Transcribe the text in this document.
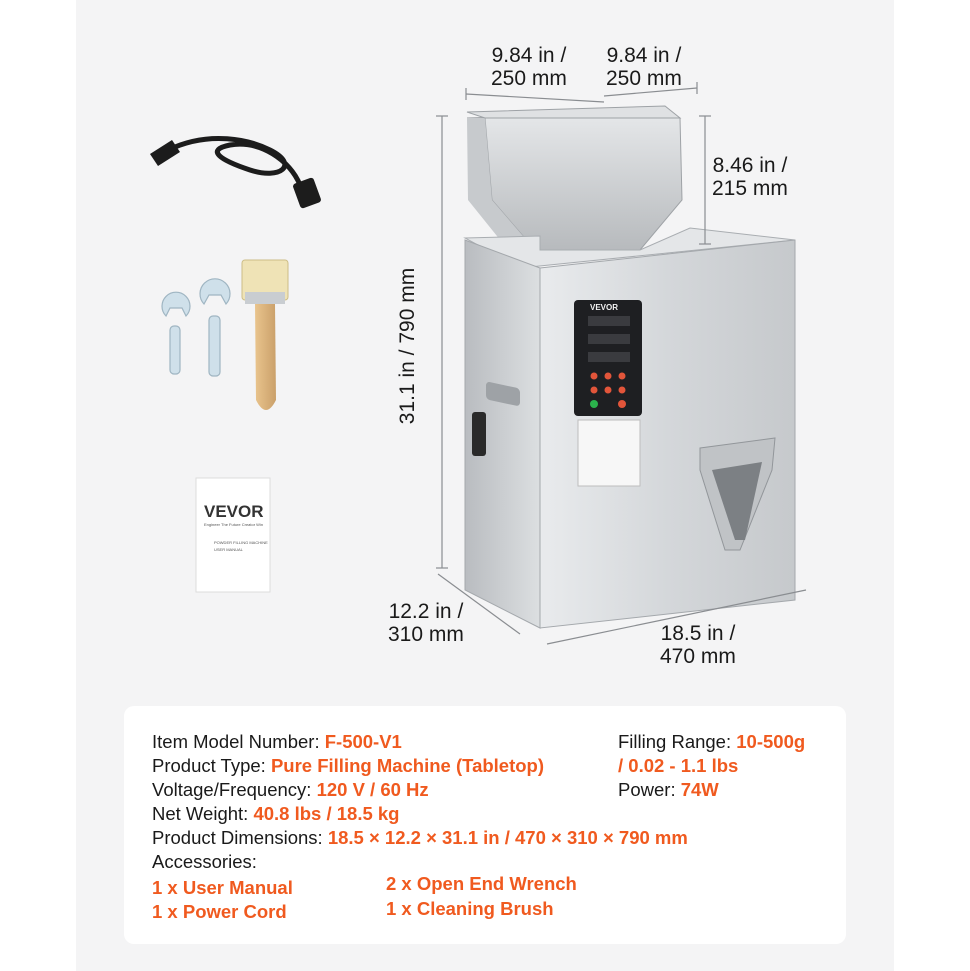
VEVOR
Engineer The Future Creator Win
POWDER FILLING MACHINE
USER MANUAL
VEVOR
9.84 in /
250 mm
9.84 in /
250 mm
8.46 in /
215 mm
31.1 in / 790 mm
12.2 in /
310 mm	18.5 in /
470 mm
Item Model Number: F-500-V1
Product Type: Pure Filling Machine (Tabletop)
Voltage/Frequency: 120 V / 60 Hz
Net Weight: 40.8 lbs / 18.5 kg
Product Dimensions: 18.5 × 12.2 × 31.1 in / 470 × 310 × 790 mm
Accessories:
Filling Range: 10-500g
/ 0.02 - 1.1 lbs
Power: 74W
1 x User Manual
1 x Power Cord
2 x Open End Wrench
1 x Cleaning Brush
